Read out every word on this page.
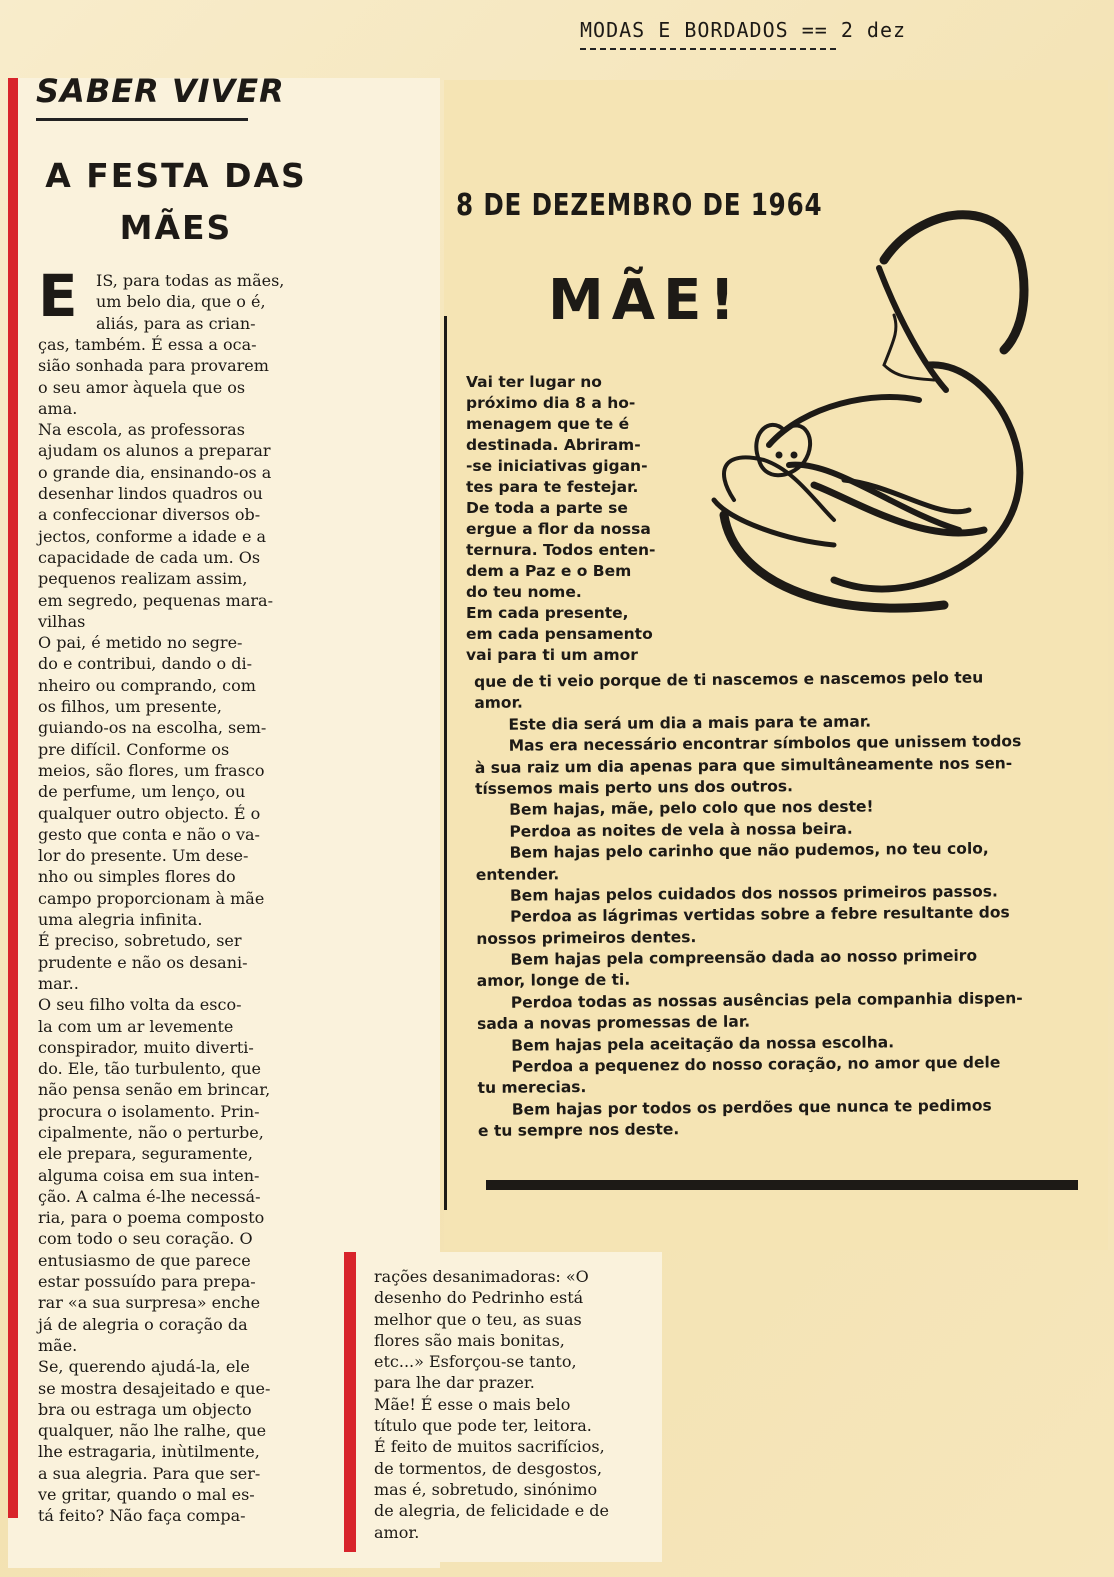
MODAS E BORDADOS == 2 dez
SABER VIVER
A FESTA DAS
MÃES
E IS, para todas as mães,
um belo dia, que o é,
aliás, para as crian-
ças, também. É essa a oca-
sião sonhada para provarem
o seu amor àquela que os
ama.
Na escola, as professoras
ajudam os alunos a preparar
o grande dia, ensinando-os a
desenhar lindos quadros ou
a confeccionar diversos ob-
jectos, conforme a idade e a
capacidade de cada um. Os
pequenos realizam assim,
em segredo, pequenas mara-
vilhas
O pai, é metido no segre-
do e contribui, dando o di-
nheiro ou comprando, com
os filhos, um presente,
guiando-os na escolha, sem-
pre difícil. Conforme os
meios, são flores, um frasco
de perfume, um lenço, ou
qualquer outro objecto. É o
gesto que conta e não o va-
lor do presente. Um dese-
nho ou simples flores do
campo proporcionam à mãe
uma alegria infinita.
É preciso, sobretudo, ser
prudente e não os desani-
mar..
O seu filho volta da esco-
la com um ar levemente
conspirador, muito diverti-
do. Ele, tão turbulento, que
não pensa senão em brincar,
procura o isolamento. Prin-
cipalmente, não o perturbe,
ele prepara, seguramente,
alguma coisa em sua inten-
ção. A calma é-lhe necessá-
ria, para o poema composto
com todo o seu coração. O
entusiasmo de que parece
estar possuído para prepa-
rar «a sua surpresa» enche
já de alegria o coração da
mãe.
Se, querendo ajudá-la, ele
se mostra desajeitado e que-
bra ou estraga um objecto
qualquer, não lhe ralhe, que
lhe estragaria, inùtilmente,
a sua alegria. Para que ser-
ve gritar, quando o mal es-
tá feito? Não faça compa-
rações desanimadoras: «O
desenho do Pedrinho está
melhor que o teu, as suas
flores são mais bonitas,
etc...» Esforçou-se tanto,
para lhe dar prazer.
Mãe! É esse o mais belo
título que pode ter, leitora.
É feito de muitos sacrifícios,
de tormentos, de desgostos,
mas é, sobretudo, sinónimo
de alegria, de felicidade e de
amor.
8 DE DEZEMBRO DE 1964
MÃE!
Vai ter lugar no
próximo dia 8 a ho-
menagem que te é
destinada. Abriram-
-se iniciativas gigan-
tes para te festejar.
De toda a parte se
ergue a flor da nossa
ternura. Todos enten-
dem a Paz e o Bem
do teu nome.
Em cada presente,
em cada pensamento
vai para ti um amor
que de ti veio porque de ti nascemos e nascemos pelo teu
amor.
Este dia será um dia a mais para te amar.
Mas era necessário encontrar símbolos que unissem todos
à sua raiz um dia apenas para que simultâneamente nos sen-
tíssemos mais perto uns dos outros.
Bem hajas, mãe, pelo colo que nos deste!
Perdoa as noites de vela à nossa beira.
Bem hajas pelo carinho que não pudemos, no teu colo,
entender.
Bem hajas pelos cuidados dos nossos primeiros passos.
Perdoa as lágrimas vertidas sobre a febre resultante dos
nossos primeiros dentes.
Bem hajas pela compreensão dada ao nosso primeiro
amor, longe de ti.
Perdoa todas as nossas ausências pela companhia dispen-
sada a novas promessas de lar.
Bem hajas pela aceitação da nossa escolha.
Perdoa a pequenez do nosso coração, no amor que dele
tu merecias.
Bem hajas por todos os perdões que nunca te pedimos
e tu sempre nos deste.
